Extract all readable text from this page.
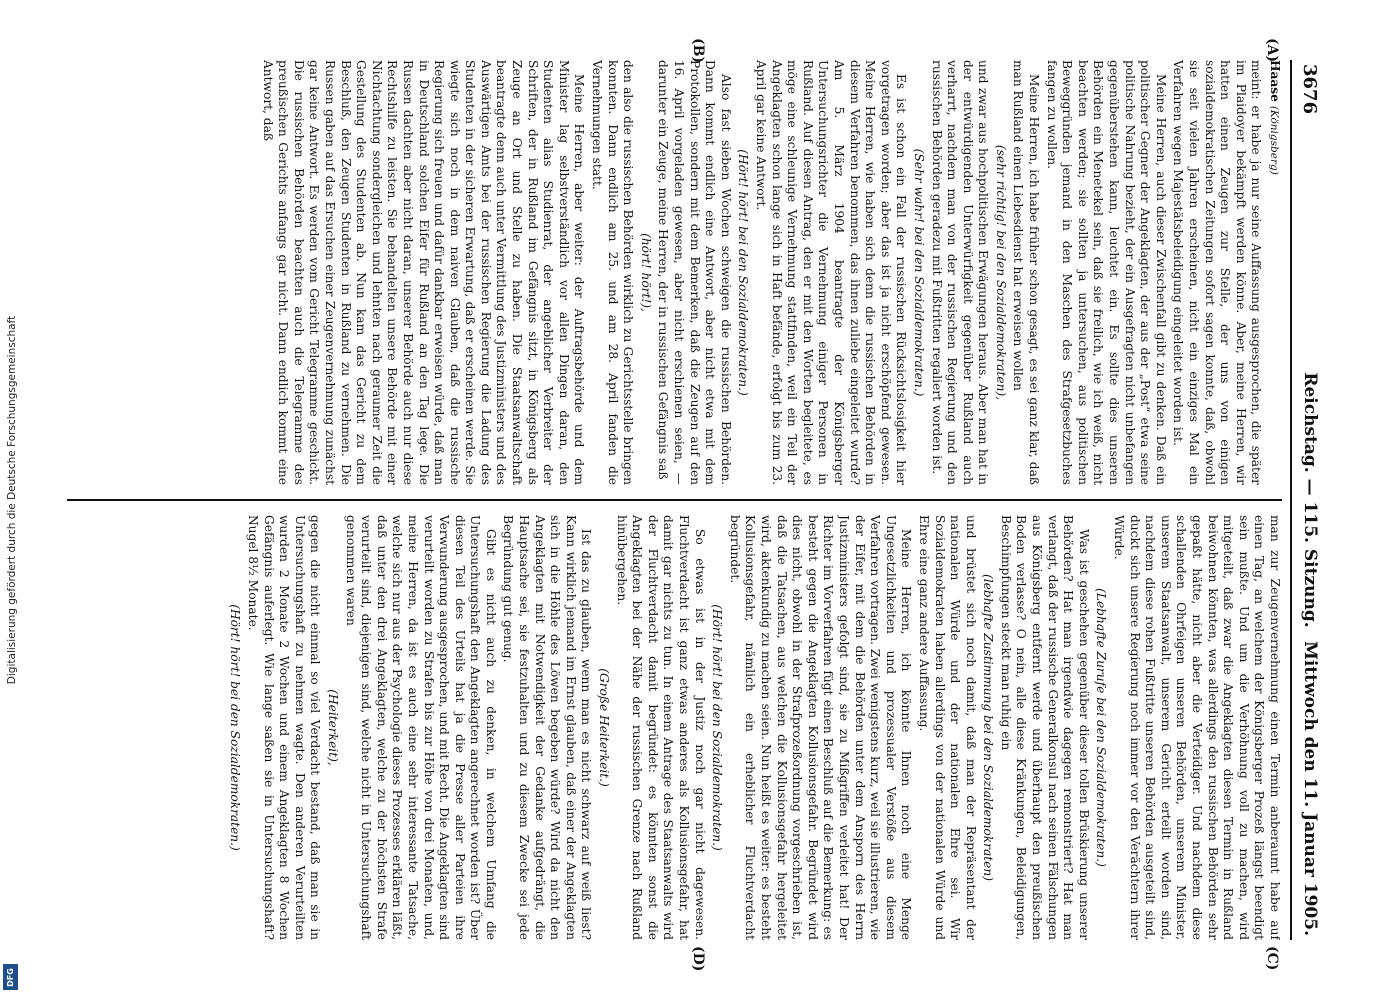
Digitalisierung gefördert durch die Deutsche Forschungsgemeinschaft
DFG
3676
Reichstag. — 115. Sitzung.
Mittwoch den 11. Januar 1905.
(A)
(B)
(C)
(D)

Haase (Königsberg)

meint: er habe ja nur seine Auffassung ausgesprochen, die später im Plaidoyer bekämpft werden könne. Aber, meine Herren, wir hatten einen Zeugen zur Stelle, der uns von einigen sozialdemokratischen Zeitungen sofort sagen konnte, daß, obwohl sie seit vielen Jahren erscheinen, nicht ein einziges Mal ein Verfahren wegen Majestätsbeleidigung eingeleitet worden ist.

Meine Herren, auch dieser Zwischenfall gibt zu denken. Daß ein politischer Gegner der Angeklagten, der aus der „Post“ etwa seine politische Nahrung bezieht, der ein Ausgefragten nicht unbefangen gegenüberstehen kann, leuchtet ein. Es sollte dies unseren Behörden ein Menetekel sein, daß sie freilich, wie ich weiß, nicht beachten werden; sie sollten ja untersuchen, aus politischen Beweggründen jemand in den Maschen des Strafgesetzbuches fangen zu wollen.

Meine Herren, ich habe früher schon gesagt, es sei ganz klar, daß man Rußland einen Liebesdienst hat erweisen wollen

(sehr richtig! bei den Sozialdemokraten),

und zwar aus hochpolitischen Erwägungen heraus. Aber man hat in der entwürdigenden Unterwürfigkeit gegenüber Rußland auch verharrt, nachdem man von der russischen Regierung und den russischen Behörden geradezu mit Fußtritten regaliert worden ist.

(Sehr wahr! bei den Sozialdemokraten.)

Es ist schon ein Fall der russischen Rücksichtslosigkeit hier vorgetragen worden; aber das ist ja nicht erschöpfend gewesen. Meine Herren, wie haben sich denn die russischen Behörden in diesem Verfahren benommen, das ihnen zuliebe eingeleitet wurde? Am 5. März 1904 beantragte der Königsberger Untersuchungsrichter die Vernehmung einiger Personen in Rußland. Auf diesen Antrag, den er mit den Worten begleitete, es möge eine schleunige Vernehmung stattfinden, weil ein Teil der Angeklagten schon lange sich in Haft befände, erfolgt bis zum 23. April gar keine Antwort.

(Hört! hört! bei den Sozialdemokraten.)

Also fast sieben Wochen schweigen die russischen Behörden. Dann kommt endlich eine Antwort, aber nicht etwa mit dem Protokollen, sondern mit dem Bemerken, daß die Zeugen auf den 16. April vorgeladen gewesen, aber nicht erschienen seien, — darunter ein Zeuge, meine Herren, der in russischen Gefängnis saß

(hört! hört!),

den also die russischen Behörden wirklich zu Gerichtsstelle bringen konnten. Dann endlich am 25. und am 28. April fanden die Vernehmungen statt.

Meine Herren, aber weiter: der Auftragsbehörde und dem Minister lag selbstverständlich vor allen Dingen daran, den Studenten alias Studienrat, der angeblicher Verbreiter der Schriften, der in Rußland im Gefängnis sitzt, in Königsberg als Zeuge an Ort und Stelle zu haben. Die Staatsanwaltschaft beantragte denn auch unter Vermittlung des Justizministers und des Auswärtigen Amts bei der russischen Regierung die Ladung des Studenten in der sicheren Erwartung, daß er erscheinen werde. Sie wiegte sich noch in dem naiven Glauben, daß die russische Regierung sich freuen und dafür dankbar erweisen würde, daß man in Deutschland solchen Eifer für Rußland an den Tag lege. Die Russen dachten aber nicht daran, unserer Behörde auch nur diese Rechtshilfe zu leisten. Sie behandelten unsere Behörde mit einer Nichtachtung sondergleichen und lehnten nach geraumer Zeit die Gestellung des Studenten ab. Nun kam das Gericht zu dem Beschluß, den Zeugen Studenten in Rußland zu vernehmen. Die Russen gaben auf das Ersuchen einer Zeugenvernehmung zunächst gar keine Antwort. Es werden vom Gericht Telegramme geschickt. Die russischen Behörden beachten auch die Telegramme des preußischen Gerichts anfangs gar nicht. Dann endlich kommt eine Antwort, daß

man zur Zeugenvernehmung einen Termin anberaumt habe auf einen Tag, an welchem der Königsberger Prozeß längst beendigt sein mußte. Und um die Verhöhnung voll zu machen, wird mitgeteilt, daß zwar die Angeklagten diesen Termin in Rußland beiwohnen könnten, was allerdings den russischen Behörden sehr gepaßt hätte, nicht aber die Verteidiger. Und nachdem diese schallenden Ohrfeigen unseren Behörden, unserem Minister, unserem Staatsanwalt, unserem Gericht erteilt worden sind, nachdem diese rohen Fußtritte unseren Behörden ausgeteilt sind, duckt sich unsere Regierung noch immer vor den Verächtern ihrer Würde.

(Lebhafte Zurufe bei den Sozialdemokraten.)

Was ist geschehen gegenüber dieser tollen Brüskierung unserer Behörden? Hat man irgendwie dagegen remonstriert? Hat man verlangt, daß der russische Generalkonsul nach seinen Fälschungen aus Königsberg entfernt werde und überhaupt den preußischen Boden verlasse? O nein, alle diese Kränkungen, Beleidigungen, Beschimpfungen steckt man ruhig ein

(lebhafte Zustimmung bei den Sozialdemokraten)

und brüstet sich noch damit, daß man der Repräsentant der nationalen Würde und der nationalen Ehre sei. Wir Sozialdemokraten haben allerdings von der nationalen Würde und Ehre eine ganz andere Auffassung.

Meine Herren, ich könnte Ihnen noch eine Menge Ungesetzlichkeiten und prozessualer Verstöße aus diesem Verfahren vortragen. Zwei wenigstens kurz, weil sie illustrieren, wie der Eifer, mit dem die Behörden unter dem Ansporn des Herrn Justizministers gefolgt sind, sie zu Mißgriffen verleitet hat! Der Richter im Vorverfahren fügt einen Beschluß auf die Bemerkung: es besteht gegen die Angeklagten Kollusionsgefahr. Begründet wird dies nicht, obwohl in der Strafprozeßordnung vorgeschrieben ist, daß die Tatsachen, aus welchen die Kollusionsgefahr hergeleitet wird, aktenkundig zu machen seien. Nun heißt es weiter: es besteht Kollusionsgefahr, nämlich ein erheblicher Fluchtverdacht begründet.

(Hört! hört! bei den Sozialdemokraten.)

So etwas ist in der Justiz noch gar nicht dagewesen. Fluchtverdacht ist ganz etwas anderes als Kollusionsgefahr, hat damit gar nichts zu tun. In einem Antrage des Staatsanwalts wird der Fluchtverdacht damit begründet: es könnten sonst die Angeklagten bei der Nähe der russischen Grenze nach Rußland hinübergehen.

(Große Heiterkeit.)

Ist das zu glauben, wenn man es nicht schwarz auf weiß liest? Kann wirklich jemand im Ernst glauben, daß einer der Angeklagten sich in die Höhle des Löwen begeben würde? Wird da nicht den Angeklagten mit Notwendigkeit der Gedanke aufgedrängt, die Hauptsache sei, sie festzuhalten und zu diesem Zwecke sei jede Begründung gut genug.

Gibt es nicht auch zu denken, in welchem Umfang die Untersuchungshaft den Angeklagten angerechnet worden ist? Über diesen Teil des Urteils hat ja die Presse aller Parteien ihre Verwunderung ausgesprochen, und mit Recht. Die Angeklagten sind verurteilt worden zu Strafen bis zur Höhe von drei Monaten, und, meine Herren, da ist es auch eine sehr interessante Tatsache, welche sich nur aus der Psychologie dieses Prozesses erklären läßt, daß unter den drei Angeklagten, welche zu der höchsten Strafe verurteilt sind, diejenigen sind, welche nicht in Untersuchungshaft genommen waren

(Heiterkeit),

gegen die nicht einmal so viel Verdacht bestand, daß man sie in Untersuchungshaft zu nehmen wagte. Den anderen Verurteilten wurden 2 Monate 2 Wochen und einem Angeklagten 8 Wochen Gefängnis auferlegt. Wie lange saßen sie in Untersuchungshaft? Nugel 8½ Monate.

(Hört! hört! bei den Sozialdemokraten.)
